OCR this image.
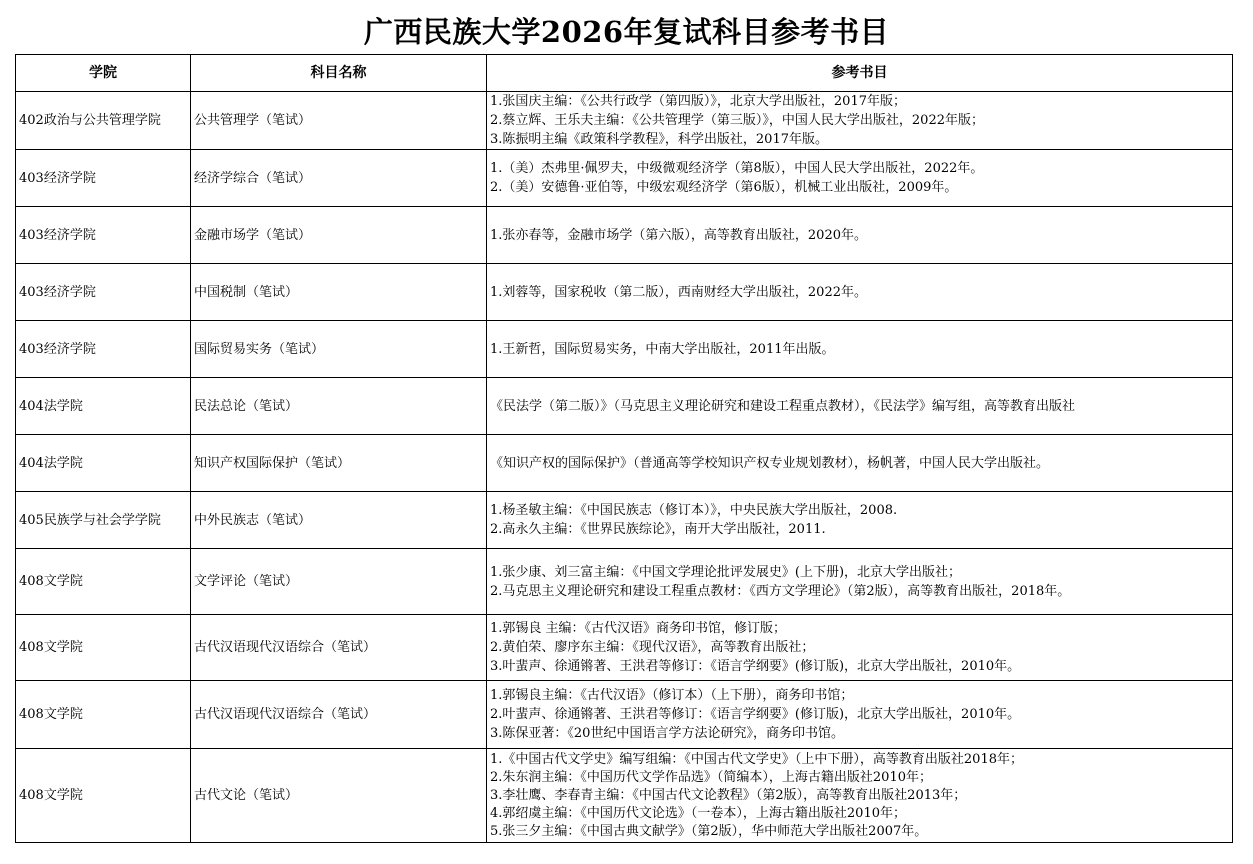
广西民族大学2026年复试科目参考书目
学院	科目名称	参考书目
402政治与公共管理学院	公共管理学（笔试）	1.张国庆主编：《公共行政学（第四版）》，北京大学出版社，2017年版；
2.蔡立辉、王乐夫主编：《公共管理学（第三版）》，中国人民大学出版社，2022年版；
3.陈振明主编《政策科学教程》，科学出版社，2017年版。

403经济学院	经济学综合（笔试）	1.（美）杰弗里·佩罗夫，中级微观经济学（第8版），中国人民大学出版社，2022年。
2.（美）安德鲁·亚伯等，中级宏观经济学（第6版），机械工业出版社，2009年。

403经济学院	金融市场学（笔试）	1.张亦春等，金融市场学（第六版），高等教育出版社，2020年。

403经济学院	中国税制（笔试）	1.刘蓉等，国家税收（第二版），西南财经大学出版社，2022年。

403经济学院	国际贸易实务（笔试）	1.王新哲，国际贸易实务，中南大学出版社，2011年出版。

404法学院	民法总论（笔试）	《民法学（第二版）》（马克思主义理论研究和建设工程重点教材），《民法学》编写组，高等教育出版社

404法学院	知识产权国际保护（笔试）	《知识产权的国际保护》（普通高等学校知识产权专业规划教材），杨帆著，中国人民大学出版社。

405民族学与社会学学院	中外民族志（笔试）	1.杨圣敏主编：《中国民族志（修订本）》，中央民族大学出版社，2008.
2.高永久主编：《世界民族综论》，南开大学出版社，2011.

408文学院	文学评论（笔试）	1.张少康、刘三富主编：《中国文学理论批评发展史》(上下册)，北京大学出版社；
2.马克思主义理论研究和建设工程重点教材：《西方文学理论》（第2版），高等教育出版社，2018年。

408文学院	古代汉语现代汉语综合（笔试）	1.郭锡良 主编：《古代汉语》商务印书馆，修订版；
2.黄伯荣、廖序东主编：《现代汉语》，高等教育出版社；
3.叶蜚声、徐通锵著、王洪君等修订：《语言学纲要》(修订版)，北京大学出版社，2010年。

408文学院	古代汉语现代汉语综合（笔试）	1.郭锡良主编：《古代汉语》（修订本）（上下册），商务印书馆；
2.叶蜚声、徐通锵著、王洪君等修订：《语言学纲要》(修订版)，北京大学出版社，2010年。
3.陈保亚著：《20世纪中国语言学方法论研究》，商务印书馆。

408文学院	古代文论（笔试）	1.《中国古代文学史》编写组编：《中国古代文学史》（上中下册），高等教育出版社2018年；
2.朱东润主编：《中国历代文学作品选》（简编本），上海古籍出版社2010年；
3.李壮鹰、李春青主编：《中国古代文论教程》（第2版），高等教育出版社2013年；
4.郭绍虞主编：《中国历代文论选》（一卷本），上海古籍出版社2010年；
5.张三夕主编：《中国古典文献学》（第2版），华中师范大学出版社2007年。
